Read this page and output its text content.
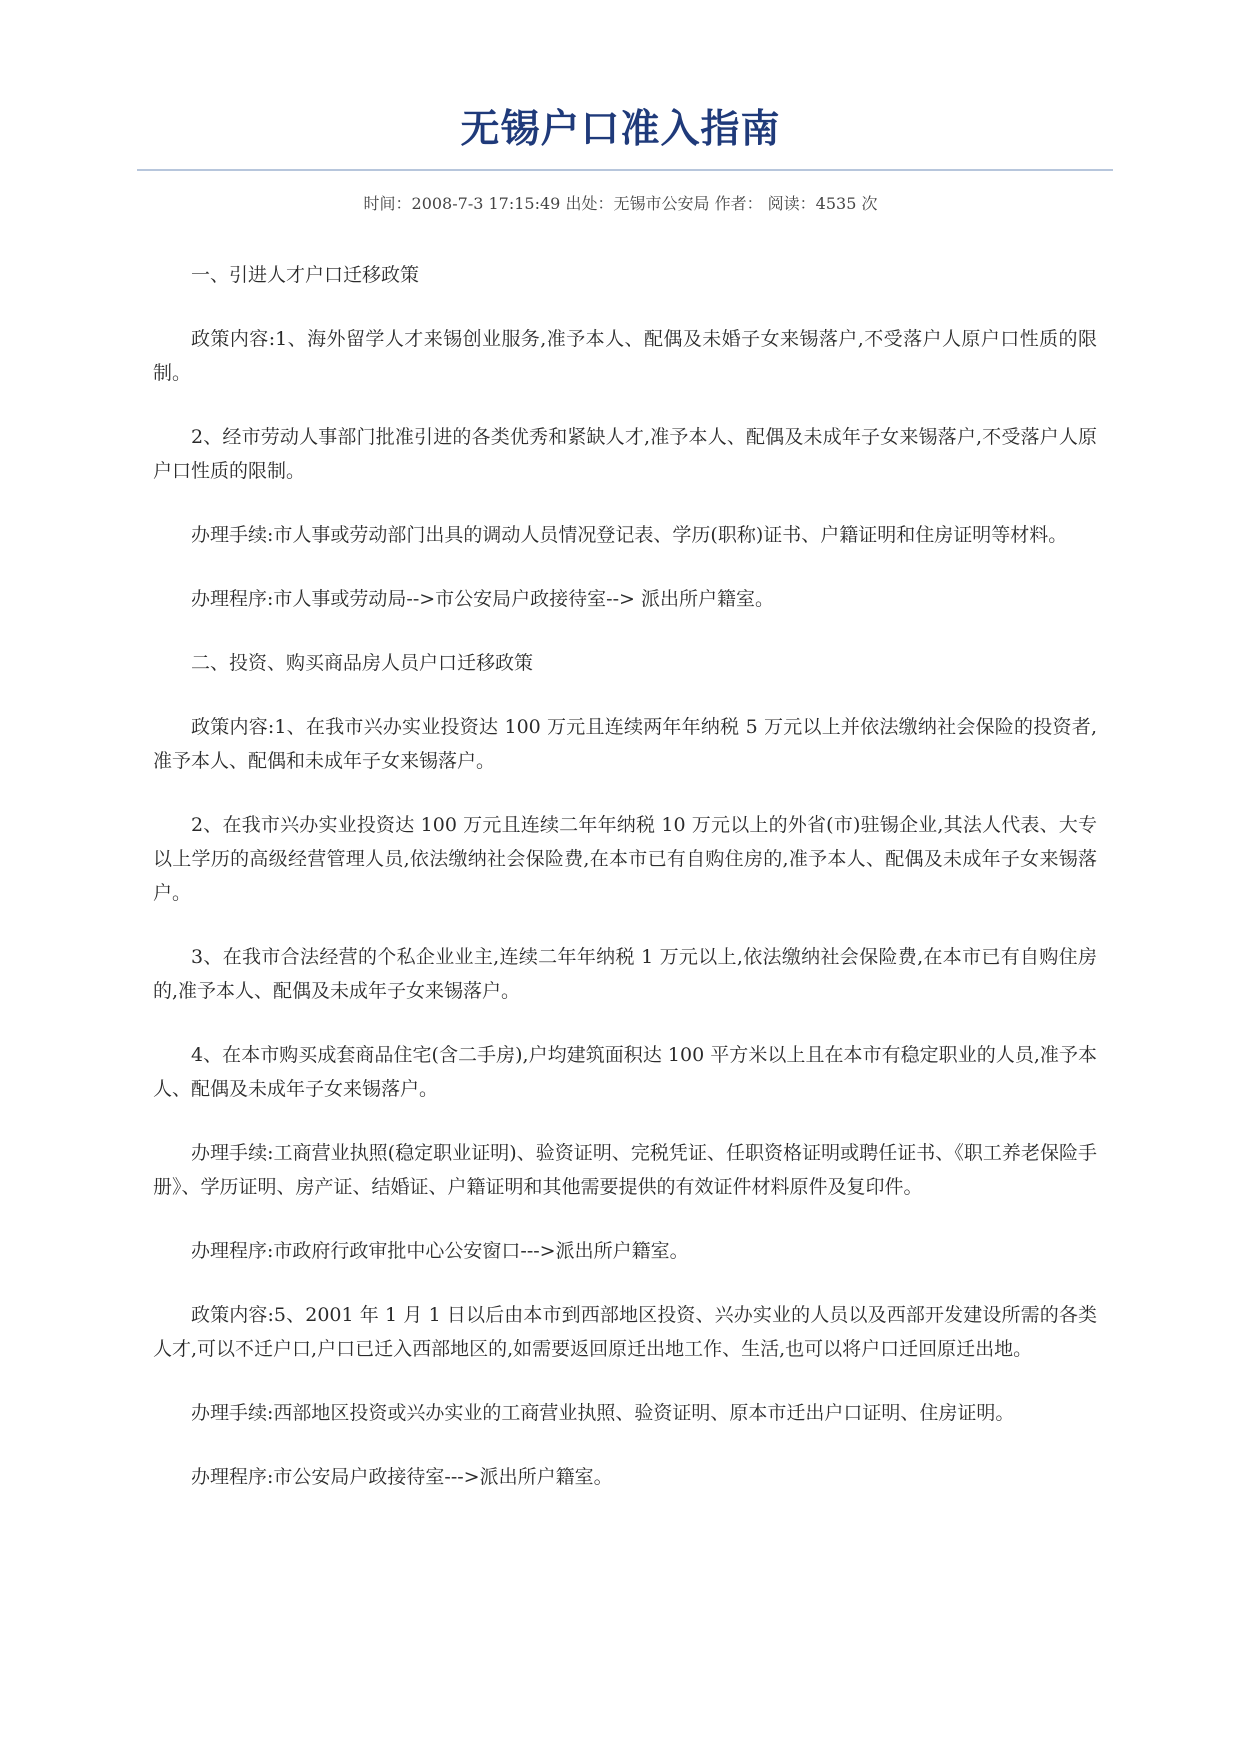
无锡户口准入指南
时间：2008-7-3 17:15:49 出处：无锡市公安局 作者： 阅读：4535 次

一、引进人才户口迁移政策

政策内容:1、海外留学人才来锡创业服务,准予本人、配偶及未婚子女来锡落户,不受落户人原户口性质的限制。

2、经市劳动人事部门批准引进的各类优秀和紧缺人才,准予本人、配偶及未成年子女来锡落户,不受落户人原户口性质的限制。

办理手续:市人事或劳动部门出具的调动人员情况登记表、学历(职称)证书、户籍证明和住房证明等材料。

办理程序:市人事或劳动局-->市公安局户政接待室--> 派出所户籍室。

二、投资、购买商品房人员户口迁移政策

政策内容:1、在我市兴办实业投资达 100 万元且连续两年年纳税 5 万元以上并依法缴纳社会保险的投资者,准予本人、配偶和未成年子女来锡落户。

2、在我市兴办实业投资达 100 万元且连续二年年纳税 10 万元以上的外省(市)驻锡企业,其法人代表、大专以上学历的高级经营管理人员,依法缴纳社会保险费,在本市已有自购住房的,准予本人、配偶及未成年子女来锡落户。

3、在我市合法经营的个私企业业主,连续二年年纳税 1 万元以上,依法缴纳社会保险费,在本市已有自购住房的,准予本人、配偶及未成年子女来锡落户。

4、在本市购买成套商品住宅(含二手房),户均建筑面积达 100 平方米以上且在本市有稳定职业的人员,准予本人、配偶及未成年子女来锡落户。

办理手续:工商营业执照(稳定职业证明)、验资证明、完税凭证、任职资格证明或聘任证书、《职工养老保险手册》、学历证明、房产证、结婚证、户籍证明和其他需要提供的有效证件材料原件及复印件。

办理程序:市政府行政审批中心公安窗口--->派出所户籍室。

政策内容:5、2001 年 1 月 1 日以后由本市到西部地区投资、兴办实业的人员以及西部开发建设所需的各类人才,可以不迁户口,户口已迁入西部地区的,如需要返回原迁出地工作、生活,也可以将户口迁回原迁出地。

办理手续:西部地区投资或兴办实业的工商营业执照、验资证明、原本市迁出户口证明、住房证明。

办理程序:市公安局户政接待室--->派出所户籍室。
